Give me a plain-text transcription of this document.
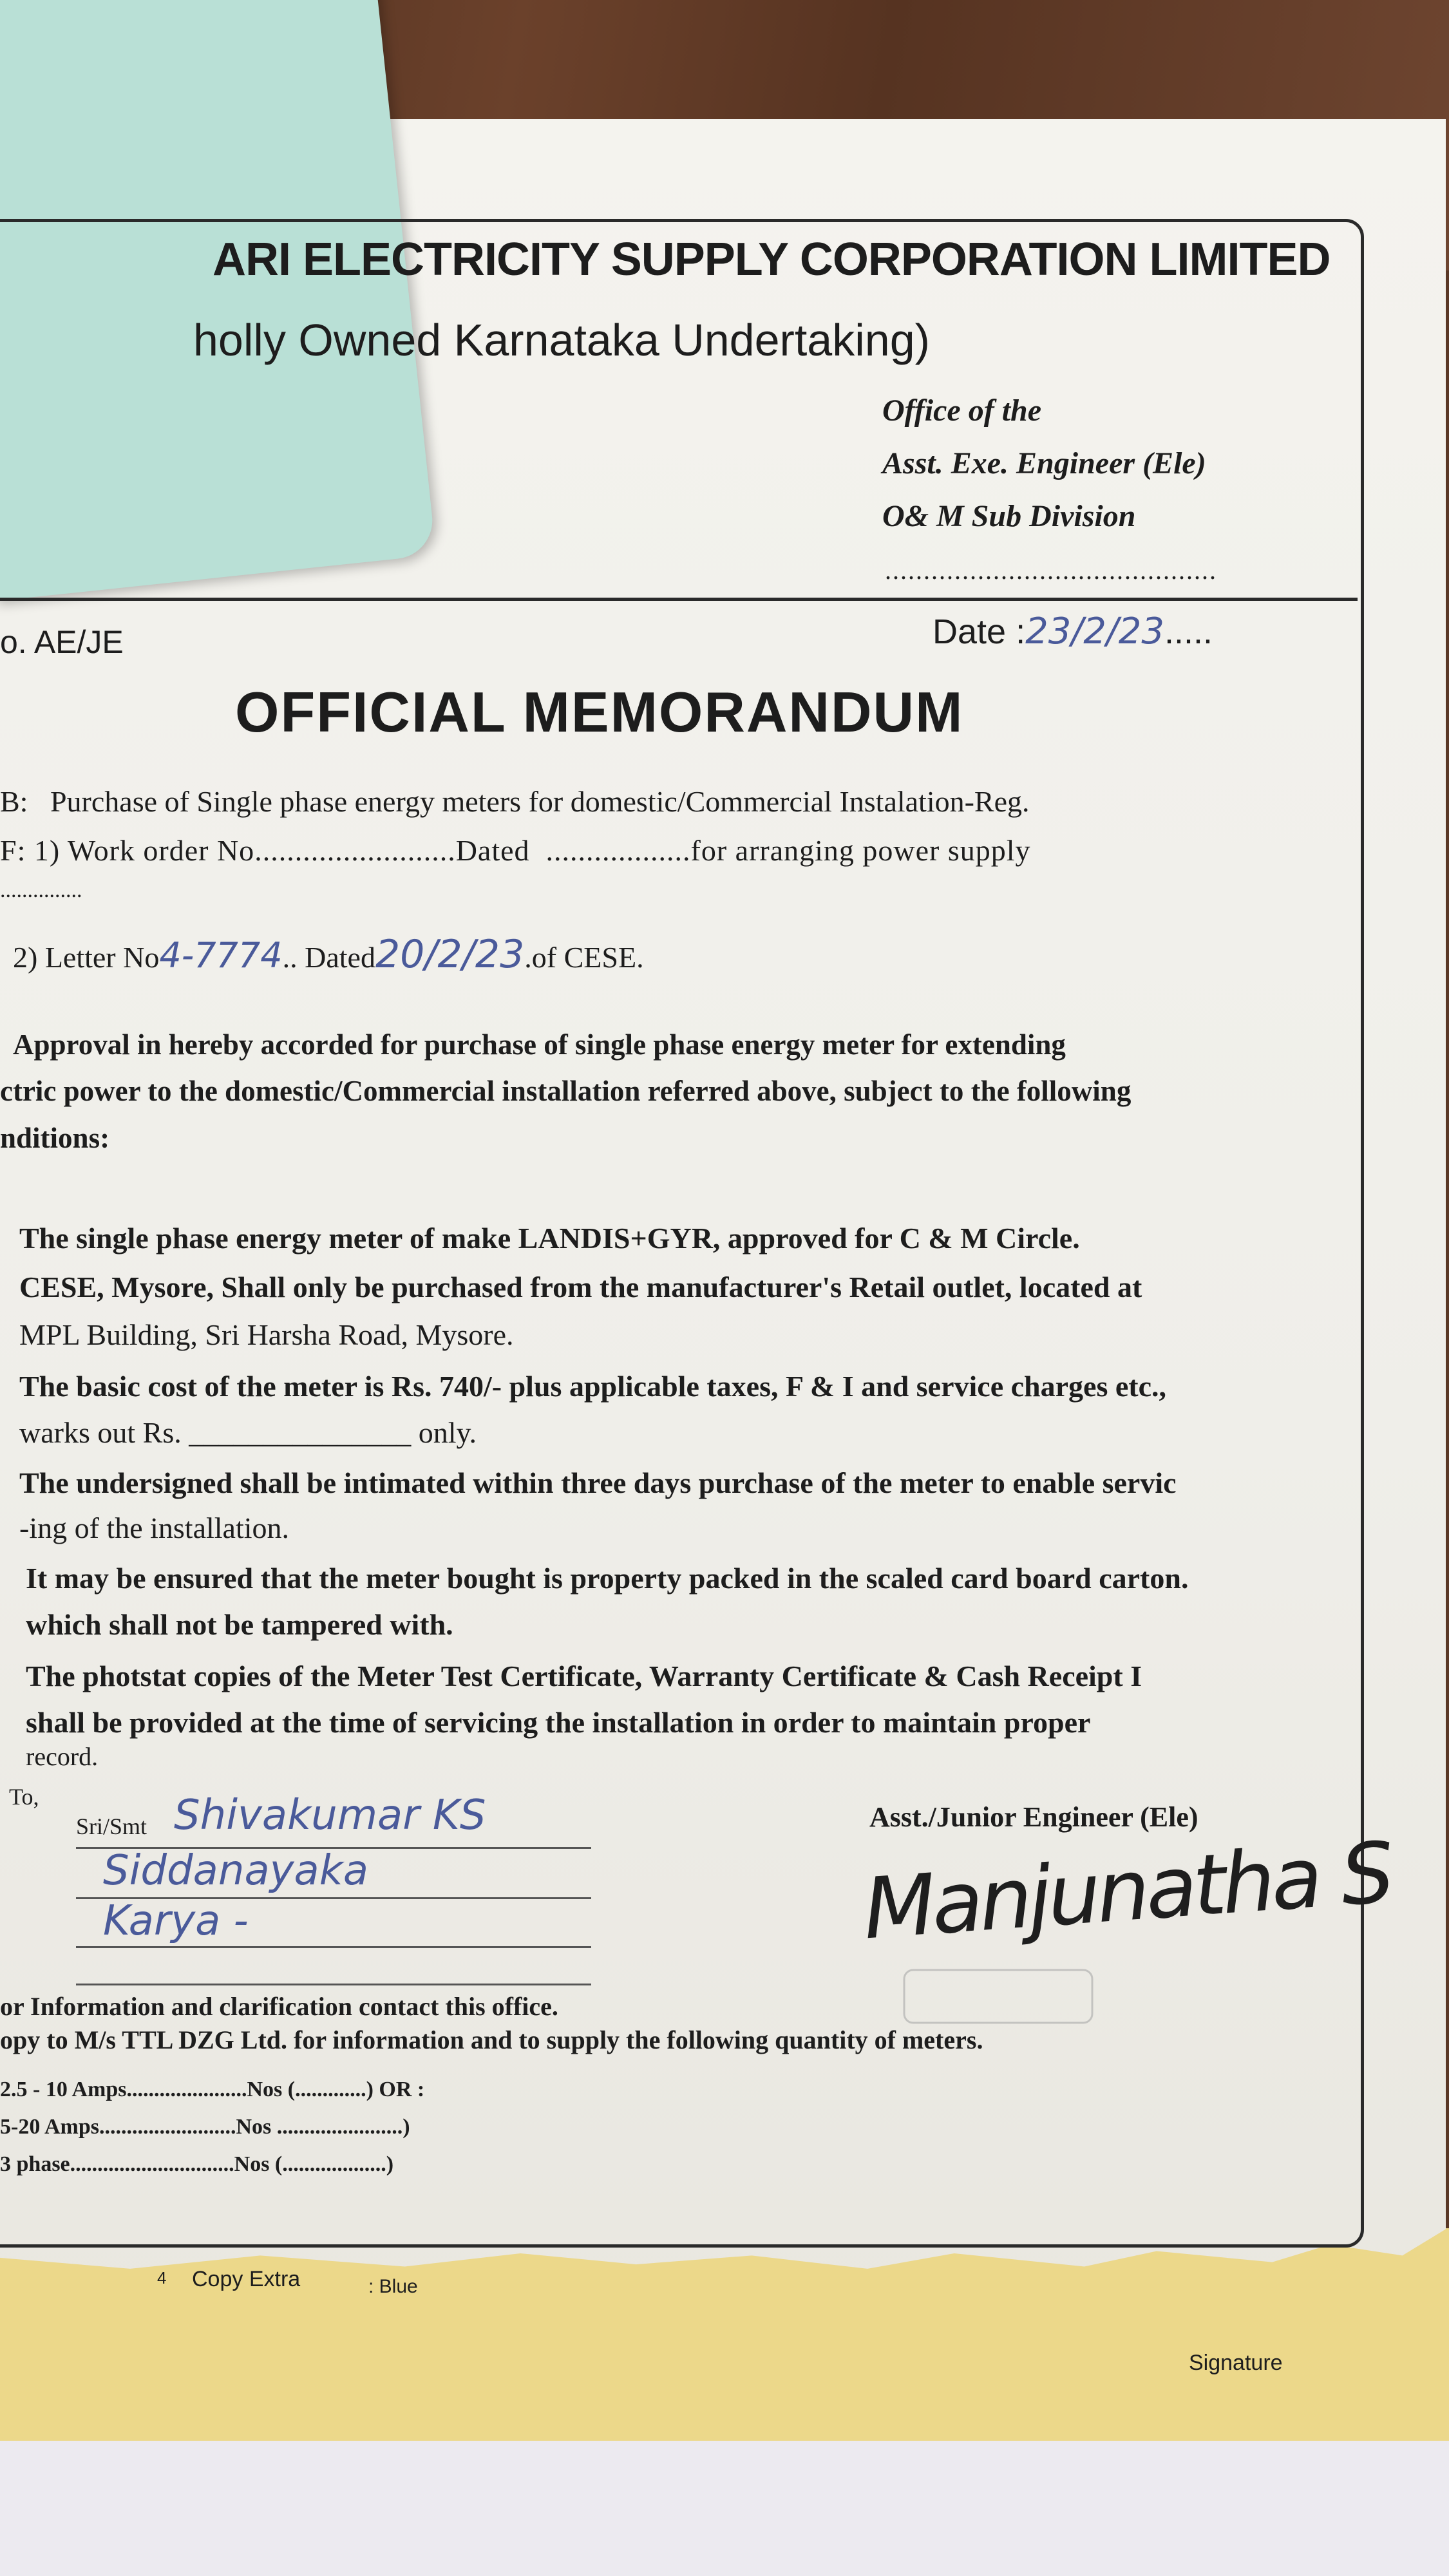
ARI ELECTRICITY SUPPLY CORPORATION LIMITED
holly Owned Karnataka Undertaking)
Office of the
Asst. Exe. Engineer (Ele)
O& M Sub Division
...........................................
o. AE/JE	Date :23/2/23.....
OFFICIAL MEMORANDUM
B: Purchase of Single phase energy meters for domestic/Commercial Instalation-Reg.
F: 1) Work order No.........................Dated ..................for arranging power supply
...............
2) Letter No4-7774.. Dated20/2/23.of CESE.
Approval in hereby accorded for purchase of single phase energy meter for extending
ctric power to the domestic/Commercial installation referred above, subject to the following
nditions:
The single phase energy meter of make LANDIS+GYR, approved for C & M Circle.
CESE, Mysore, Shall only be purchased from the manufacturer's Retail outlet, located at
MPL Building, Sri Harsha Road, Mysore.
The basic cost of the meter is Rs. 740/- plus applicable taxes, F & I and service charges etc.,
warks out Rs. _______________ only.
The undersigned shall be intimated within three days purchase of the meter to enable servic
-ing of the installation.
It may be ensured that the meter bought is property packed in the scaled card board carton.
which shall not be tampered with.
The photstat copies of the Meter Test Certificate, Warranty Certificate & Cash Receipt I
shall be provided at the time of servicing the installation in order to maintain proper
record.
To,
Sri/Smt Shivakumar KS
Siddanayaka
Karya -
Asst./Junior Engineer (Ele)
Manjunatha S
or Information and clarification contact this office.
opy to M/s TTL DZG Ltd. for information and to supply the following quantity of meters.
2.5 - 10 Amps......................Nos (.............) OR :
5-20 Amps.........................Nos .......................)
3 phase..............................Nos (...................)
4 Copy Extra	: Blue
Signature
